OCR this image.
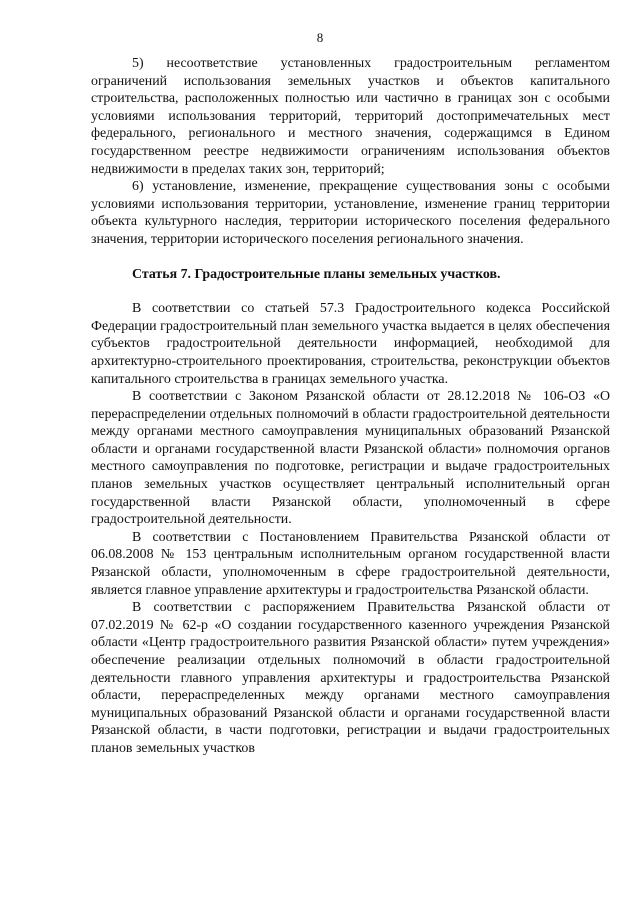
8

5) несоответствие установленных градостроительным регламентом ограничений использования земельных участков и объектов капитального строительства, расположенных полностью или частично в границах зон с особыми условиями использования территорий, территорий достопримечательных мест федерального, регионального и местного значения, содержащимся в Едином государственном реестре недвижимости ограничениям использования объектов недвижимости в пределах таких зон, территорий;

6) установление, изменение, прекращение существования зоны с особыми условиями использования территории, установление, изменение границ территории объекта культурного наследия, территории исторического поселения федерального значения, территории исторического поселения регионального значения.

Статья 7. Градостроительные планы земельных участков.

В соответствии со статьей 57.3 Градостроительного кодекса Российской Федерации градостроительный план земельного участка выдается в целях обеспечения субъектов градостроительной деятельности информацией, необходимой для архитектурно-строительного проектирования, строительства, реконструкции объектов капитального строительства в границах земельного участка.

В соответствии с Законом Рязанской области от 28.12.2018 № 106-ОЗ «О перераспределении отдельных полномочий в области градостроительной деятельности между органами местного самоуправления муниципальных образований Рязанской области и органами государственной власти Рязанской области» полномочия органов местного самоуправления по подготовке, регистрации и выдаче градостроительных планов земельных участков осуществляет центральный исполнительный орган государственной власти Рязанской области, уполномоченный в сфере градостроительной деятельности.

В соответствии с Постановлением Правительства Рязанской области от 06.08.2008 № 153 центральным исполнительным органом государственной власти Рязанской области, уполномоченным в сфере градостроительной деятельности, является главное управление архитектуры и градостроительства Рязанской области.

В соответствии с распоряжением Правительства Рязанской области от 07.02.2019 № 62-р «О создании государственного казенного учреждения Рязанской области «Центр градостроительного развития Рязанской области» путем учреждения» обеспечение реализации отдельных полномочий в области градостроительной деятельности главного управления архитектуры и градостроительства Рязанской области, перераспределенных между органами местного самоуправления муниципальных образований Рязанской области и органами государственной власти Рязанской области, в части подготовки, регистрации и выдачи градостроительных планов земельных участков
